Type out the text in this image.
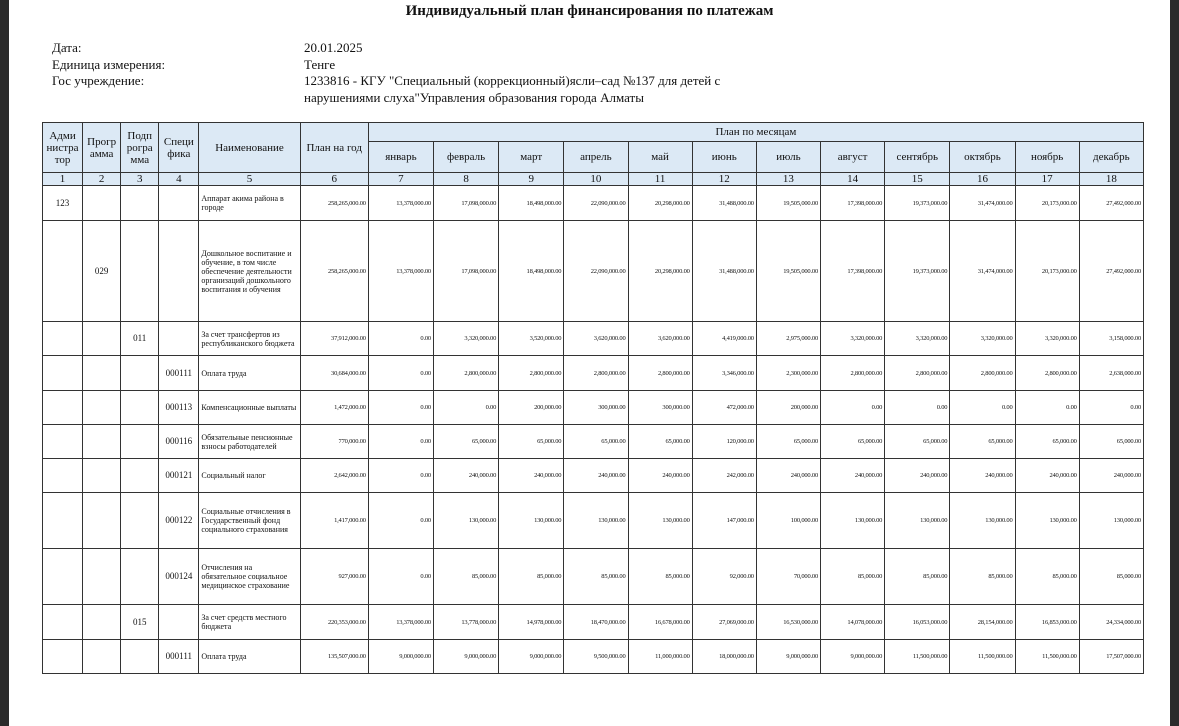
Индивидуальный план финансирования по платежам
Дата:	20.01.2025
Единица измерения:	Тенге
Гос учреждение:	1233816 - КГУ "Специальный (коррекционный)ясли–сад №137 для детей с
нарушениями слуха"Управления образования города Алматы
Адми нистра тор	Прогр амма	Подп рогра мма	Специ фика	Наименование	План на год	План по месяцам											
						январь	февраль	март	апрель	май	июнь	июль	август	сентябрь	октябрь	ноябрь	декабрь
1	2	3	4	5	6	7	8	9	10	11	12	13	14	15	16	17	18
123				Аппарат акима района в городе	258,265,000.00	13,378,000.00	17,098,000.00	18,498,000.00	22,090,000.00	20,298,000.00	31,488,000.00	19,505,000.00	17,398,000.00	19,373,000.00	31,474,000.00	20,173,000.00	27,492,000.00
	029			Дошкольное воспитание и обучение, в том числе обеспечение деятельности организаций дошкольного воспитания и обучения	258,265,000.00	13,378,000.00	17,098,000.00	18,498,000.00	22,090,000.00	20,298,000.00	31,488,000.00	19,505,000.00	17,398,000.00	19,373,000.00	31,474,000.00	20,173,000.00	27,492,000.00
		011		За счет трансфертов из республиканского бюджета	37,912,000.00	0.00	3,320,000.00	3,520,000.00	3,620,000.00	3,620,000.00	4,419,000.00	2,975,000.00	3,320,000.00	3,320,000.00	3,320,000.00	3,320,000.00	3,158,000.00
			000111	Оплата труда	30,684,000.00	0.00	2,800,000.00	2,800,000.00	2,800,000.00	2,800,000.00	3,346,000.00	2,300,000.00	2,800,000.00	2,800,000.00	2,800,000.00	2,800,000.00	2,638,000.00
			000113	Компенсационные выплаты	1,472,000.00	0.00	0.00	200,000.00	300,000.00	300,000.00	472,000.00	200,000.00	0.00	0.00	0.00	0.00	0.00
			000116	Обязательные пенсионные взносы работодателей	770,000.00	0.00	65,000.00	65,000.00	65,000.00	65,000.00	120,000.00	65,000.00	65,000.00	65,000.00	65,000.00	65,000.00	65,000.00
			000121	Социальный налог	2,642,000.00	0.00	240,000.00	240,000.00	240,000.00	240,000.00	242,000.00	240,000.00	240,000.00	240,000.00	240,000.00	240,000.00	240,000.00
			000122	Социальные отчисления в Государственный фонд социального страхования	1,417,000.00	0.00	130,000.00	130,000.00	130,000.00	130,000.00	147,000.00	100,000.00	130,000.00	130,000.00	130,000.00	130,000.00	130,000.00
			000124	Отчисления на обязательное социальное медицинское страхование	927,000.00	0.00	85,000.00	85,000.00	85,000.00	85,000.00	92,000.00	70,000.00	85,000.00	85,000.00	85,000.00	85,000.00	85,000.00
		015		За счет средств местного бюджета	220,353,000.00	13,378,000.00	13,778,000.00	14,978,000.00	18,470,000.00	16,678,000.00	27,069,000.00	16,530,000.00	14,078,000.00	16,053,000.00	28,154,000.00	16,853,000.00	24,334,000.00
			000111	Оплата труда	135,507,000.00	9,000,000.00	9,000,000.00	9,000,000.00	9,500,000.00	11,000,000.00	18,000,000.00	9,000,000.00	9,000,000.00	11,500,000.00	11,500,000.00	11,500,000.00	17,507,000.00
